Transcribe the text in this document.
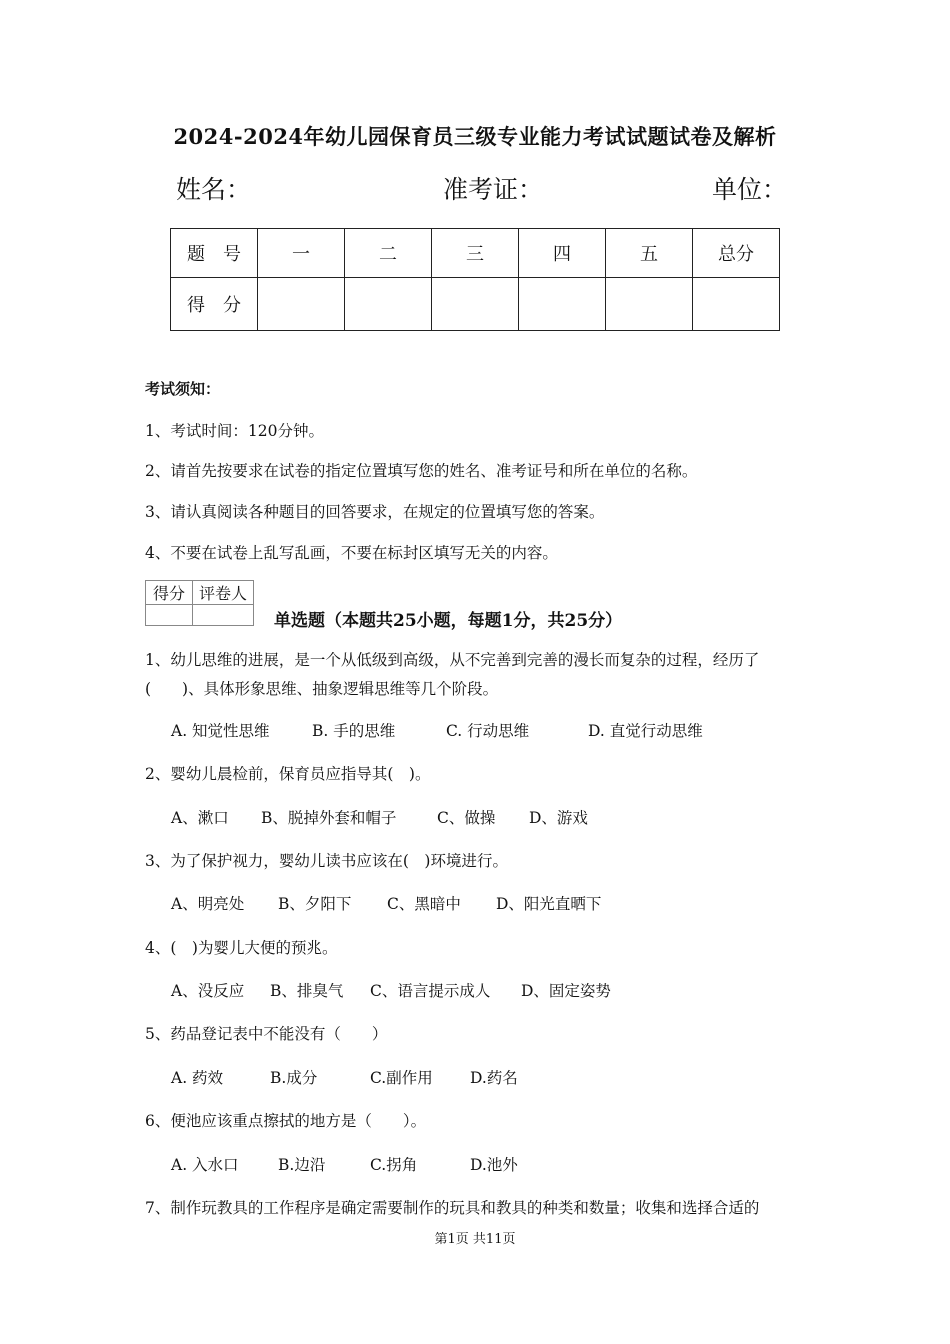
2024-2024年幼儿园保育员三级专业能力考试试题试卷及解析
姓名：	准考证：	单位：
题　号	一	二	三	四	五	总分
得　分						
考试须知：
1、考试时间：120分钟。
2、请首先按要求在试卷的指定位置填写您的姓名、准考证号和所在单位的名称。
3、请认真阅读各种题目的回答要求，在规定的位置填写您的答案。
4、不要在试卷上乱写乱画，不要在标封区填写无关的内容。
得分	评卷人

单选题（本题共25小题，每题1分，共25分）
1、幼儿思维的进展，是一个从低级到高级，从不完善到完善的漫长而复杂的过程，经历了
(　　)、具体形象思维、抽象逻辑思维等几个阶段。
A. 知觉性思维	B. 手的思维	C. 行动思维	D. 直觉行动思维
2、婴幼儿晨检前，保育员应指导其(　)。
A、漱口 B、脱掉外套和帽子	C、做操 D、游戏
3、为了保护视力，婴幼儿读书应该在(　)环境进行。
A、明亮处 B、夕阳下 C、黑暗中 D、阳光直晒下
4、(　)为婴儿大便的预兆。
A、没反应 B、排臭气 C、语言提示成人 D、固定姿势
5、药品登记表中不能没有（　　）
A. 药效	B.成分	C.副作用 D.药名
6、便池应该重点擦拭的地方是（　　）。
A. 入水口	B.边沿	C.拐角	D.池外
7、制作玩教具的工作程序是确定需要制作的玩具和教具的种类和数量；收集和选择合适的
第1页 共11页
